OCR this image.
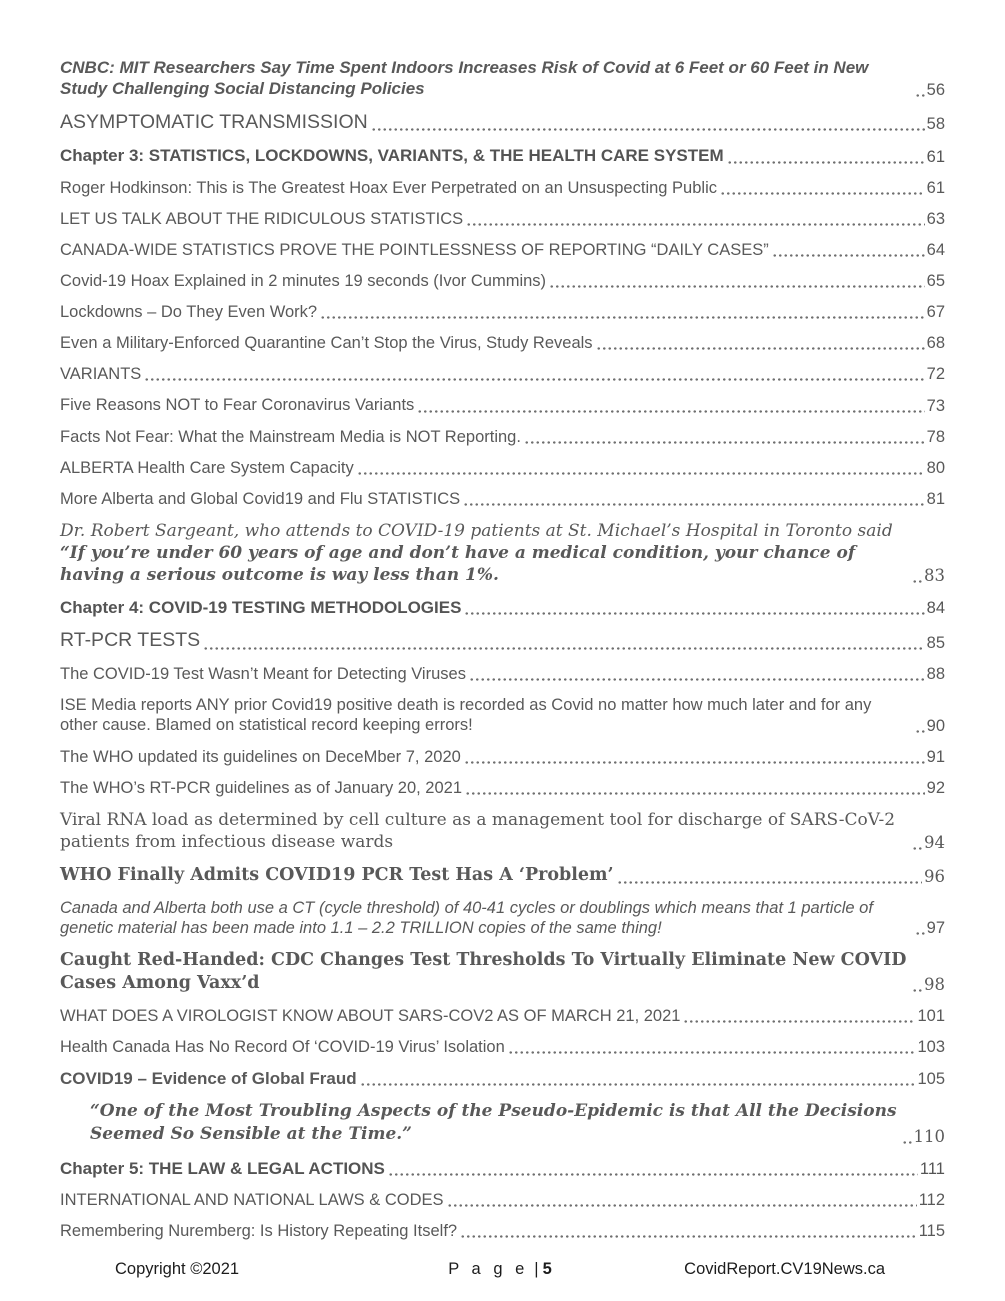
CNBC: MIT Researchers Say Time Spent Indoors Increases Risk of Covid at 6 Feet or 60 Feet in New Study Challenging Social Distancing Policies	56
ASYMPTOMATIC TRANSMISSION	58
Chapter 3: STATISTICS, LOCKDOWNS, VARIANTS, & THE HEALTH CARE SYSTEM	61
Roger Hodkinson: This is The Greatest Hoax Ever Perpetrated on an Unsuspecting Public	61
LET US TALK ABOUT THE RIDICULOUS STATISTICS	63
CANADA-WIDE STATISTICS PROVE THE POINTLESSNESS OF REPORTING “DAILY CASES”	64
Covid-19 Hoax Explained in 2 minutes 19 seconds (Ivor Cummins)	65
Lockdowns – Do They Even Work?	67
Even a Military-Enforced Quarantine Can’t Stop the Virus, Study Reveals	68
VARIANTS	72
Five Reasons NOT to Fear Coronavirus Variants	73
Facts Not Fear: What the Mainstream Media is NOT Reporting.	78
ALBERTA Health Care System Capacity	80
More Alberta and Global Covid19 and Flu STATISTICS	81
Dr. Robert Sargeant, who attends to COVID-19 patients at St. Michael’s Hospital in Toronto said “If you’re under 60 years of age and don’t have a medical condition, your chance of having a serious outcome is way less than 1%.	83
Chapter 4: COVID-19 TESTING METHODOLOGIES	84
RT-PCR TESTS	85
The COVID-19 Test Wasn’t Meant for Detecting Viruses	88
ISE Media reports ANY prior Covid19 positive death is recorded as Covid no matter how much later and for any other cause. Blamed on statistical record keeping errors!	90
The WHO updated its guidelines on DeceMber 7, 2020	91
The WHO’s RT-PCR guidelines as of January 20, 2021	92
Viral RNA load as determined by cell culture as a management tool for discharge of SARS-CoV-2 patients from infectious disease wards	94
WHO Finally Admits COVID19 PCR Test Has A ‘Problem’	96
Canada and Alberta both use a CT (cycle threshold) of 40-41 cycles or doublings which means that 1 particle of genetic material has been made into 1.1 – 2.2 TRILLION copies of the same thing!	97
Caught Red-Handed: CDC Changes Test Thresholds To Virtually Eliminate New COVID Cases Among Vaxx’d	98
WHAT DOES A VIROLOGIST KNOW ABOUT SARS-COV2 AS OF MARCH 21, 2021	101
Health Canada Has No Record Of ‘COVID-19 Virus’ Isolation	103
COVID19 – Evidence of Global Fraud	105
“One of the Most Troubling Aspects of the Pseudo-Epidemic is that All the Decisions Seemed So Sensible at the Time.”	110
Chapter 5: THE LAW & LEGAL ACTIONS	111
INTERNATIONAL AND NATIONAL LAWS & CODES	112
Remembering Nuremberg: Is History Repeating Itself?	115
Copyright ©2021	P a g e | 5	CovidReport.CV19News.ca
